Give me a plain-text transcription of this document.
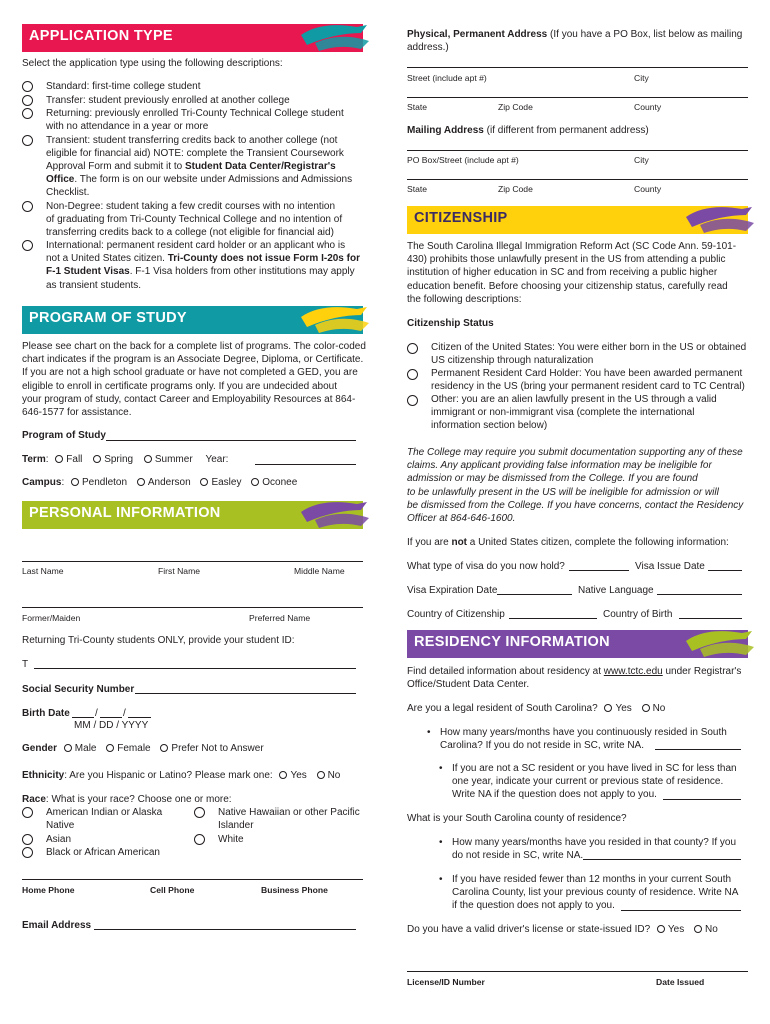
APPLICATION TYPE
Select the application type using the following descriptions:
Standard: first-time college student
Transfer: student previously enrolled at another college
Returning: previously enrolled Tri-County Technical College student
with no attendance in a year or more
Transient: student transferring credits back to another college (not
eligible for financial aid) NOTE: complete the Transient Coursework
Approval Form and submit it to Student Data Center/Registrar's
Office. The form is on our website under Admissions and Admissions
Checklist.
Non-Degree: student taking a few credit courses with no intention
of graduating from Tri-County Technical College and no intention of
transferring credits back to a college (not eligible for financial aid)
International: permanent resident card holder or an applicant who is
not a United States citizen. Tri-County does not issue Form I-20s for
F-1 Student Visas. F-1 Visa holders from other institutions may apply
as transient students.
PROGRAM OF STUDY
Please see chart on the back for a complete list of programs. The color-coded
chart indicates if the program is an Associate Degree, Diploma, or Certificate.
If you are not a high school graduate or have not completed a GED, you are
eligible to enroll in certificate programs only. If you are undecided about
your program of study, contact Career and Employability Resources at 864-
646-1577 for assistance.
Program of Study
Term: Fall Spring Summer Year:
Campus: Pendleton Anderson Easley Oconee
PERSONAL INFORMATION
Last Name	First Name	Middle Name
Former/Maiden	Preferred Name
Returning Tri-County students ONLY, provide your student ID:
T
Social Security Number
Birth Date	/	/
MM / DD / YYYY
Gender Male Female Prefer Not to Answer
Ethnicity: Are you Hispanic or Latino? Please mark one: Yes No
Race: What is your race? Choose one or more:
American Indian or Alaska
Native
Asian
Black or African American
Native Hawaiian or other Pacific
Islander
White
Home Phone	Cell Phone	Business Phone
Email Address
Physical, Permanent Address (If you have a PO Box, list below as mailing
address.)
Street (include apt #)	City
State	Zip Code	County
Mailing Address (if different from permanent address)
PO Box/Street (include apt #)	City
State	Zip Code	County
CITIZENSHIP
The South Carolina Illegal Immigration Reform Act (SC Code Ann. 59-101-
430) prohibits those unlawfully present in the US from attending a public
institution of higher education in SC and from receiving a public higher
education benefit. Before choosing your citizenship status, carefully read
the following descriptions:
Citizenship Status
Citizen of the United States: You were either born in the US or obtained
US citizenship through naturalization
Permanent Resident Card Holder: You have been awarded permanent
residency in the US (bring your permanent resident card to TC Central)
Other: you are an alien lawfully present in the US through a valid
immigrant or non-immigrant visa (complete the international
information section below)
The College may require you submit documentation supporting any of these
claims. Any applicant providing false information may be ineligible for
admission or may be dismissed from the College. If you are found
to be unlawfully present in the US will be ineligible for admission or will
be dismissed from the College. If you have concerns, contact the Residency
Officer at 864-646-1600.
If you are not a United States citizen, complete the following information:
What type of visa do you now hold?	Visa Issue Date
Visa Expiration Date	Native Language
Country of Citizenship	Country of Birth
RESIDENCY INFORMATION
Find detailed information about residency at www.tctc.edu under Registrar's
Office/Student Data Center.
Are you a legal resident of South Carolina? Yes No
• How many years/months have you continuously resided in South
Carolina? If you do not reside in SC, write NA.
• If you are not a SC resident or you have lived in SC for less than
one year, indicate your current or previous state of residence.
Write NA if the question does not apply to you.
What is your South Carolina county of residence?
• How many years/months have you resided in that county? If you
do not reside in SC, write NA.
• If you have resided fewer than 12 months in your current South
Carolina County, list your previous county of residence. Write NA
if the question does not apply to you.
Do you have a valid driver's license or state-issued ID? Yes No
License/ID Number	Date Issued
